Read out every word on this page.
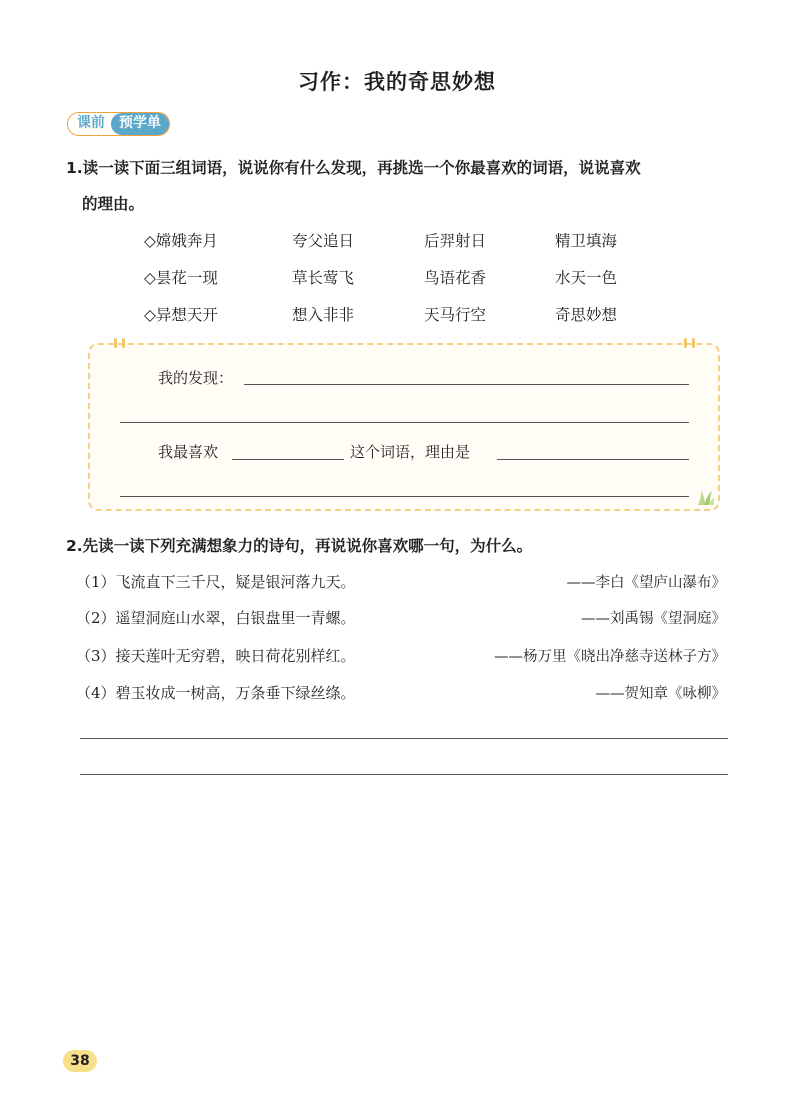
习作：我的奇思妙想
课前	预学单
1.读一读下面三组词语，说说你有什么发现，再挑选一个你最喜欢的词语，说说喜欢
的理由。
◇嫦娥奔月	夸父追日	后羿射日	精卫填海
◇昙花一现	草长莺飞	鸟语花香	水天一色
◇异想天开	想入非非	天马行空	奇思妙想
我的发现：
我最喜欢	这个词语，理由是
2.先读一读下列充满想象力的诗句，再说说你喜欢哪一句，为什么。
（1）飞流直下三千尺，疑是银河落九天。	——李白《望庐山瀑布》
（2）遥望洞庭山水翠，白银盘里一青螺。	——刘禹锡《望洞庭》
（3）接天莲叶无穷碧，映日荷花别样红。	——杨万里《晓出净慈寺送林子方》
（4）碧玉妆成一树高，万条垂下绿丝绦。	——贺知章《咏柳》
38
